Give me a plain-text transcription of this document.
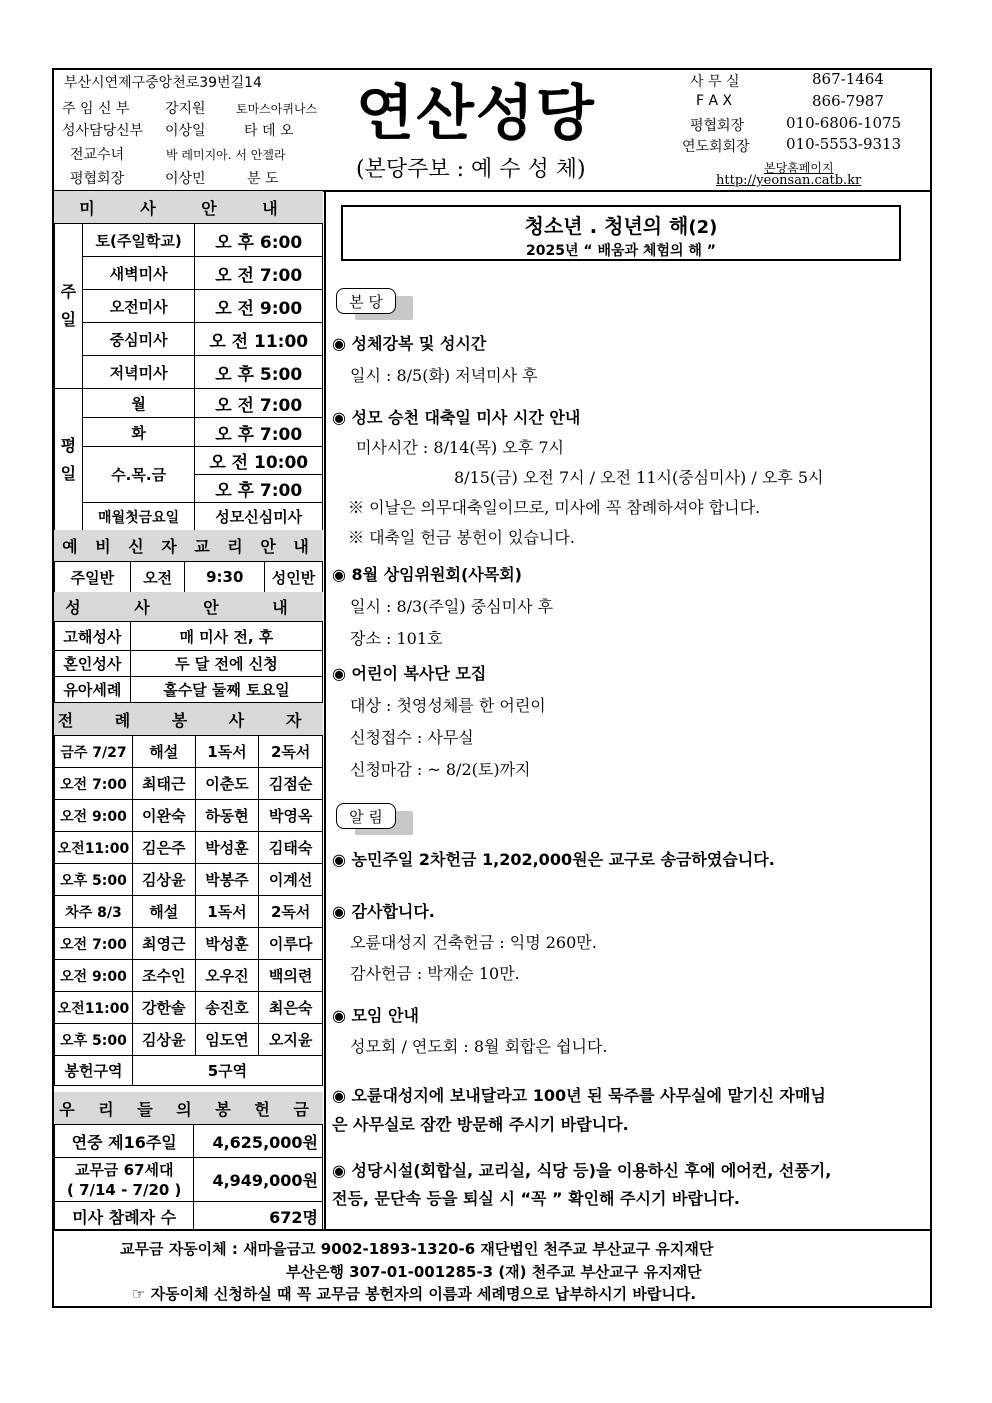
부산시연제구중앙천로39번길14
주 임 신 부	강지원	토마스아퀴나스
성사담당신부 이상일	타 데 오
전교수녀	박 레미지아. 서 안젤라
평협회장	이상민	분 도
연산성당
(본당주보 : 예 수 성 체)
사 무 실	867-1464
F A X	866-7987
평협회장	010-6806-1075
연도회회장 010-5553-9313
본당홈페이지
http://yeonsan.catb.kr
미 사 안 내
주 일	토(주일학교)	오 후 6:00
	새벽미사	오 전 7:00
	오전미사	오 전 9:00
	중심미사	오 전 11:00
	저녁미사	오 후 5:00
평 일	월	오 전 7:00
	화	오 후 7:00
	수.목.금	오 전 10:00
		오 후 7:00
	매월첫금요일	성모신심미사
예 비 신 자 교 리 안 내
주일반	오전	9:30	성인반
성 사 안 내
고해성사	매 미사 전, 후
혼인성사	두 달 전에 신청
유아세례	홀수달 둘째 토요일
전 례 봉 사 자
금주 7/27	해설	1독서	2독서
오전 7:00	최태근	이춘도	김점순
오전 9:00	이완숙	하동현	박영옥
오전11:00	김은주	박성훈	김태숙
오후 5:00	김상윤	박봉주	이계선
차주 8/3	해설	1독서	2독서
오전 7:00	최영근	박성훈	이루다
오전 9:00	조수인	오우진	백의련
오전11:00	강한솔	송진호	최은숙
오후 5:00	김상윤	임도연	오지윤
봉헌구역	5구역		
우 리 들 의 봉 헌 금
연중 제16주일	4,625,000원

교무금 67세대
( 7/14 - 7/20 )	4,949,000원
미사 참례자 수	672명
청소년 . 청년의 해(2)
2025년 “ 배움과 체험의 해 ”
본 당
◉ 성체강복 및 성시간
일시 : 8/5(화) 저녁미사 후
◉ 성모 승천 대축일 미사 시간 안내
미사시간 : 8/14(목) 오후 7시
8/15(금) 오전 7시 / 오전 11시(중심미사) / 오후 5시
※ 이날은 의무대축일이므로, 미사에 꼭 참례하셔야 합니다.
※ 대축일 헌금 봉헌이 있습니다.
◉ 8월 상임위원회(사목회)
일시 : 8/3(주일) 중심미사 후
장소 : 101호
◉ 어린이 복사단 모집
대상 : 첫영성체를 한 어린이
신청접수 : 사무실
신청마감 : ~ 8/2(토)까지
알 림
◉ 농민주일 2차헌금 1,202,000원은 교구로 송금하였습니다.
◉ 감사합니다.
오륜대성지 건축헌금 : 익명 260만.
감사헌금 : 박재순 10만.
◉ 모임 안내
성모회 / 연도회 : 8월 회합은 쉽니다.
◉ 오륜대성지에 보내달라고 100년 된 묵주를 사무실에 맡기신 자매님
은 사무실로 잠깐 방문해 주시기 바랍니다.
◉ 성당시설(회합실, 교리실, 식당 등)을 이용하신 후에 에어컨, 선풍기,
전등, 문단속 등을 퇴실 시 “꼭 ” 확인해 주시기 바랍니다.
교무금 자동이체 : 새마을금고 9002-1893-1320-6 재단법인 천주교 부산교구 유지재단
부산은행 307-01-001285-3 (재) 천주교 부산교구 유지재단
☞ 자동이체 신청하실 때 꼭 교무금 봉헌자의 이름과 세례명으로 납부하시기 바랍니다.
